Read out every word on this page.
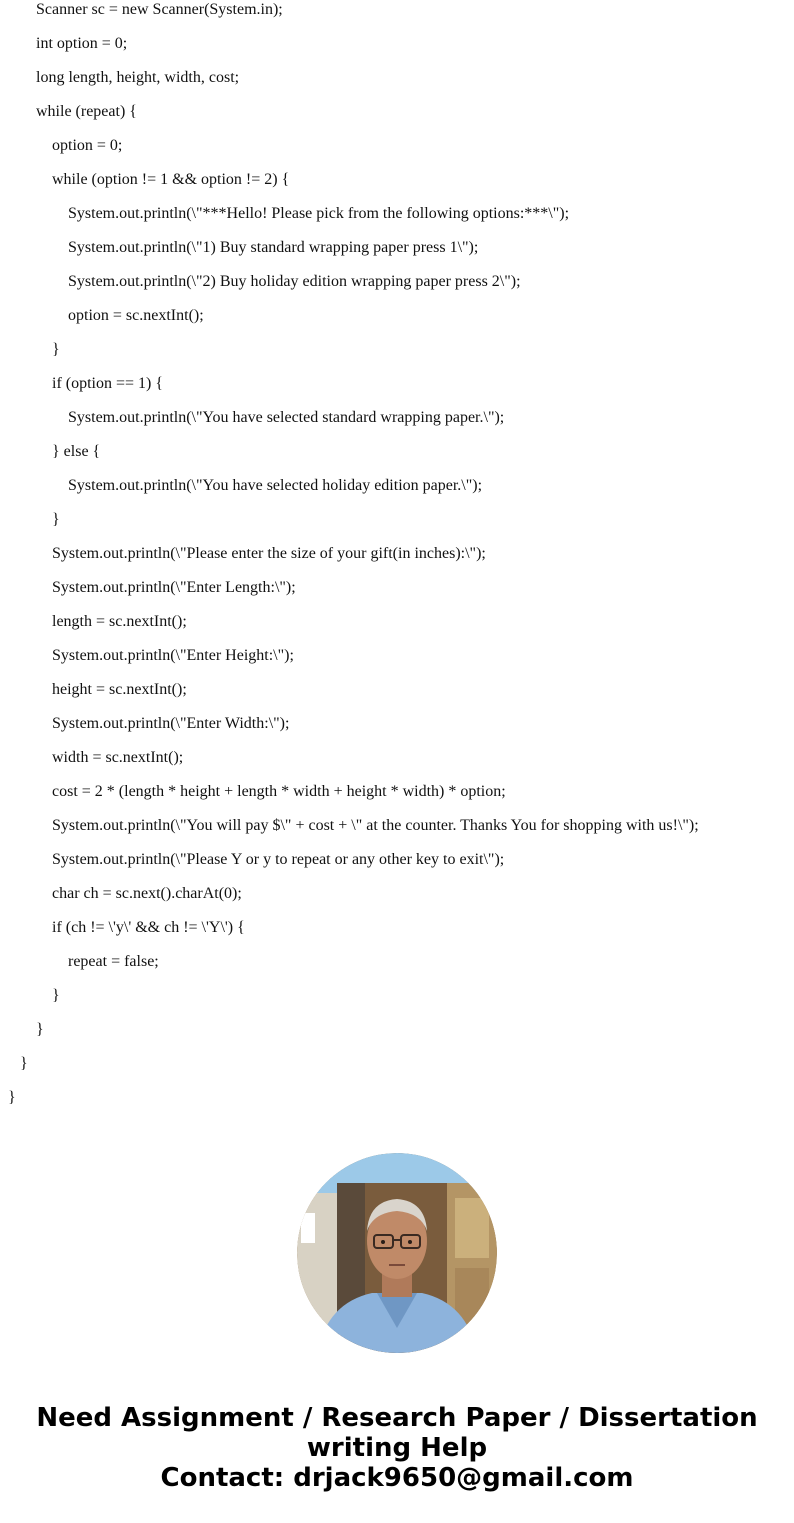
Scanner sc = new Scanner(System.in);
int option = 0;
long length, height, width, cost;
while (repeat) {
option = 0;
while (option != 1 && option != 2) {
System.out.println(\"***Hello! Please pick from the following options:***\");
System.out.println(\"1) Buy standard wrapping paper press 1\");
System.out.println(\"2) Buy holiday edition wrapping paper press 2\");
option = sc.nextInt();
}
if (option == 1) {
System.out.println(\"You have selected standard wrapping paper.\");
} else {
System.out.println(\"You have selected holiday edition paper.\");
}
System.out.println(\"Please enter the size of your gift(in inches):\");
System.out.println(\"Enter Length:\");
length = sc.nextInt();
System.out.println(\"Enter Height:\");
height = sc.nextInt();
System.out.println(\"Enter Width:\");
width = sc.nextInt();
cost = 2 * (length * height + length * width + height * width) * option;
System.out.println(\"You will pay $\" + cost + \" at the counter. Thanks You for shopping with us!\");
System.out.println(\"Please Y or y to repeat or any other key to exit\");
char ch = sc.next().charAt(0);
if (ch != \'y\' && ch != \'Y\') {
repeat = false;
}
}
}
}
Need Assignment / Research Paper / Dissertation
writing Help
Contact: drjack9650@gmail.com
